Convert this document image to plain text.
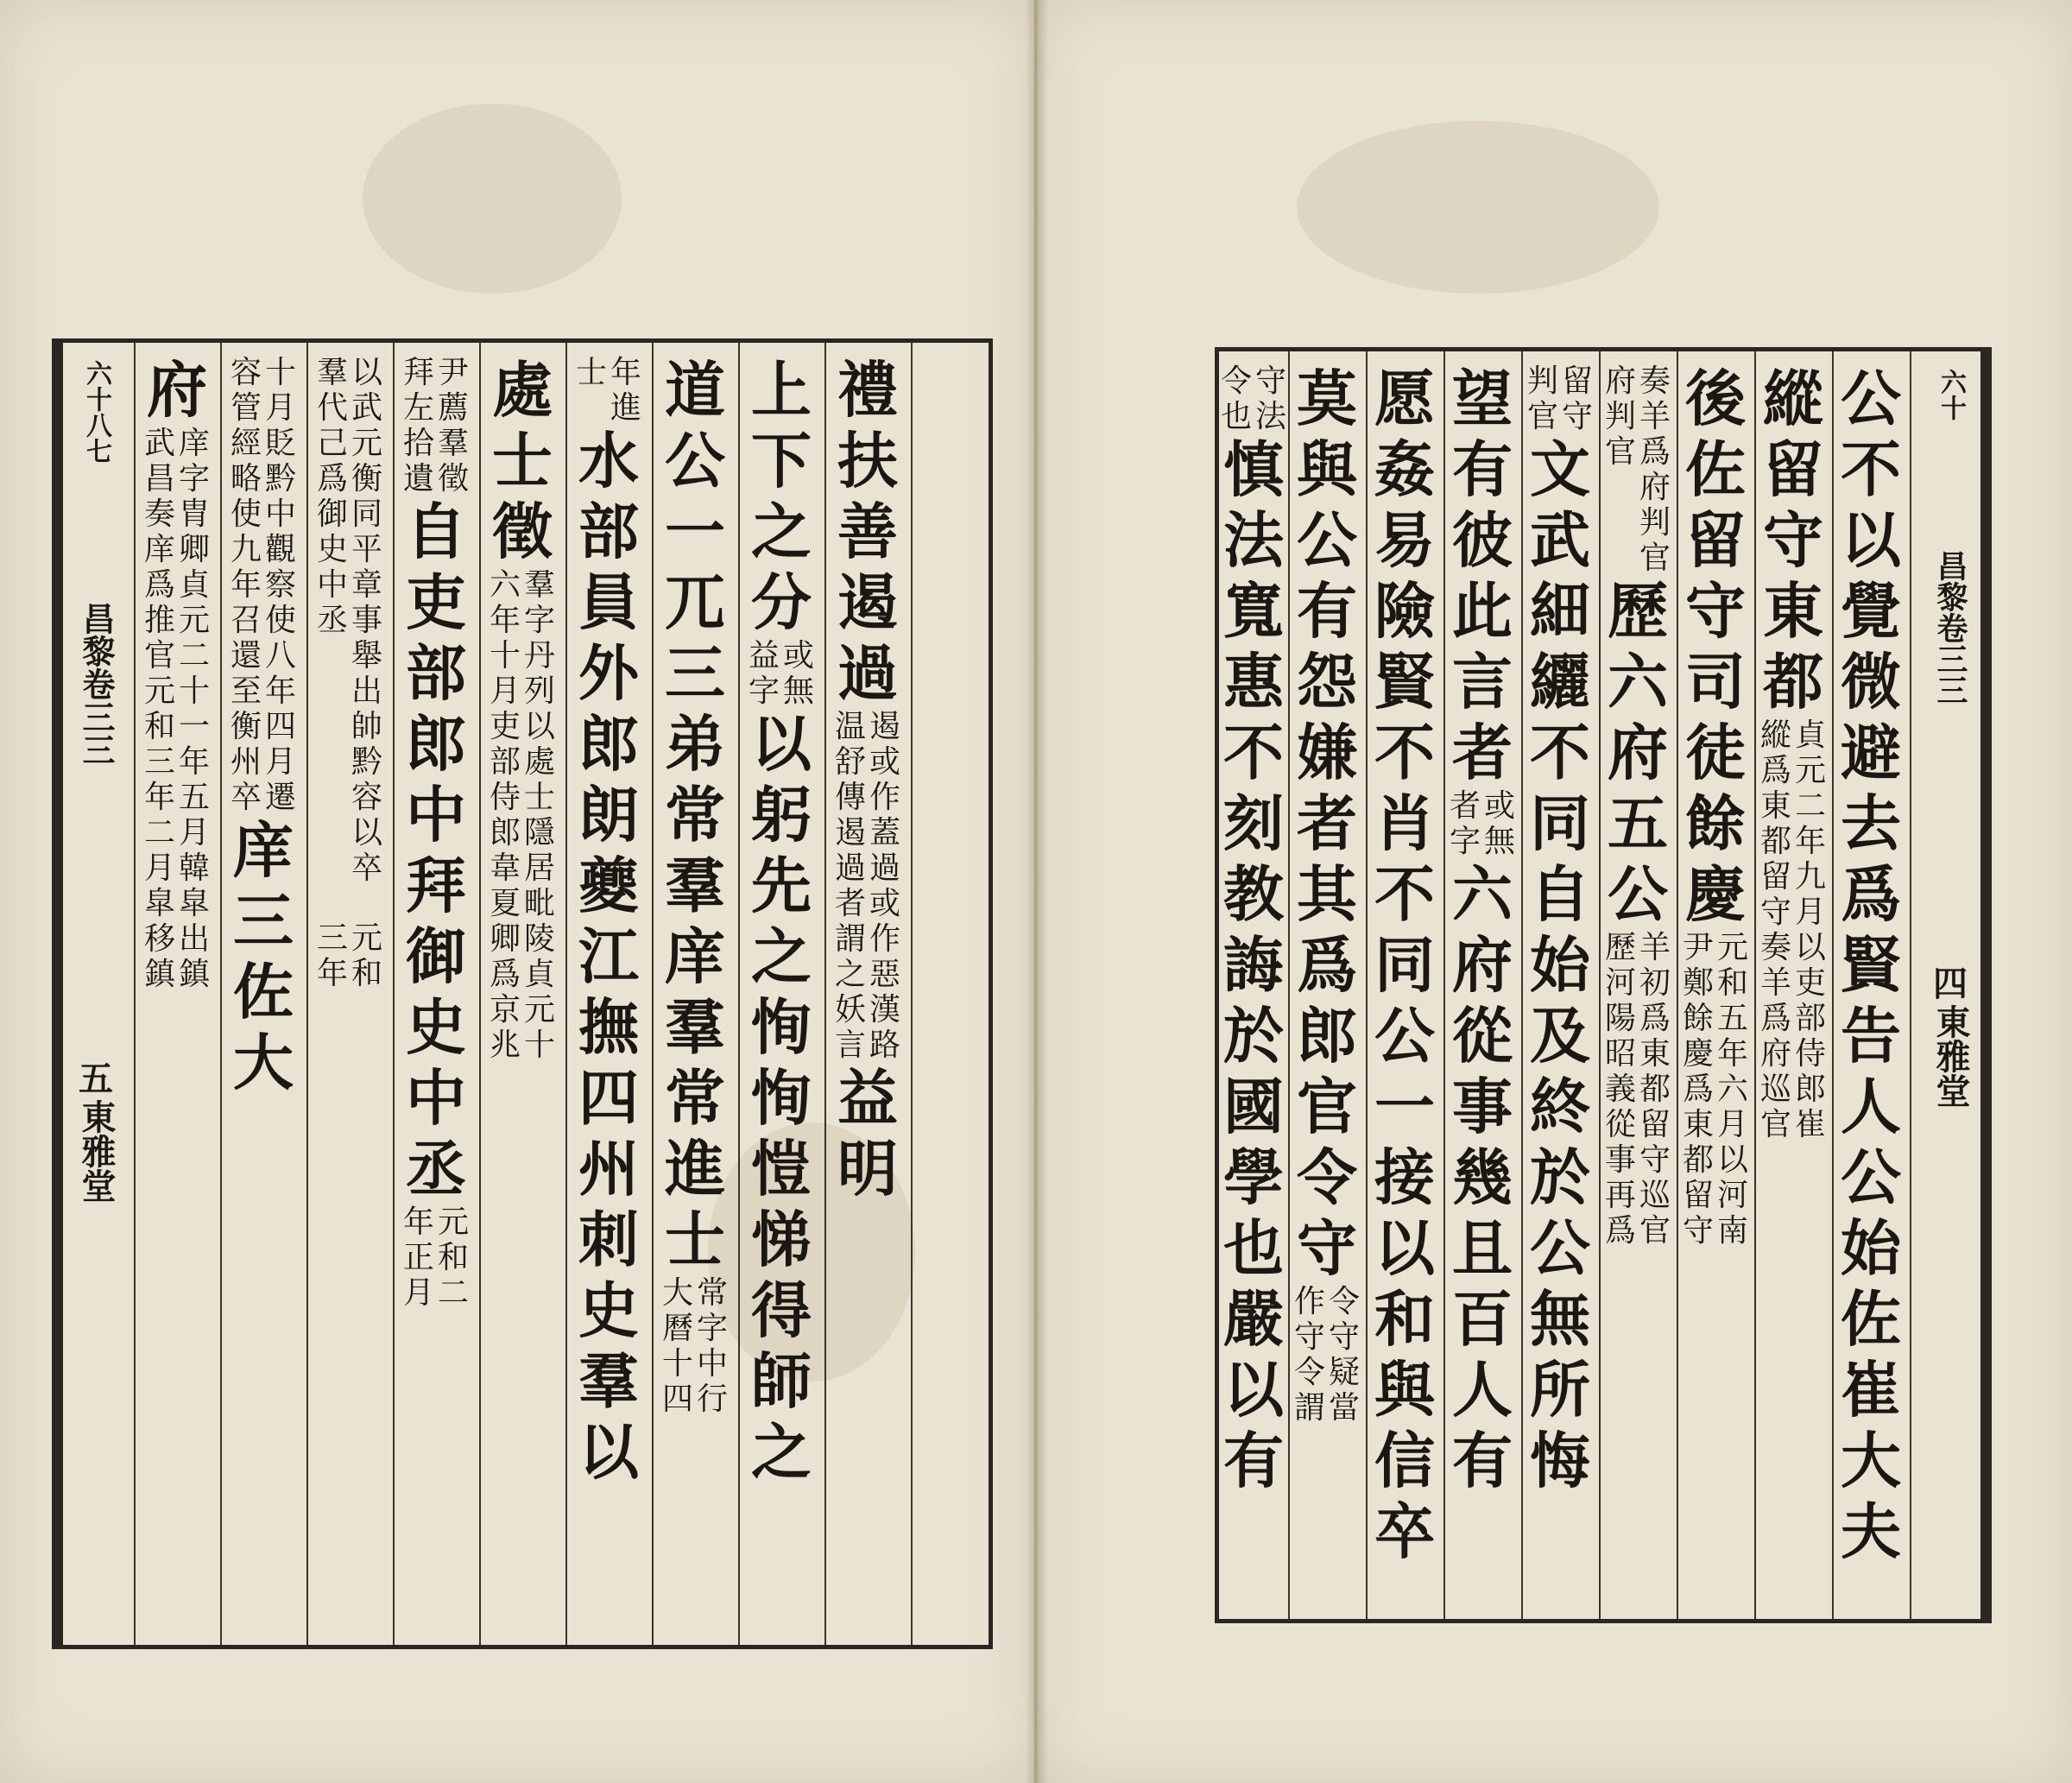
禮
扶
善
遏
過
遏
或
作
蓋
過
或
作
惡
漢
路
温
舒
傳
遏
過
者
謂
之
妖
言
益
明
上
下
之
分
或
無
益
字
以
躬
先
之
恂
恂
愷
悌
得
師
之
道
公
一
兀
三
弟
常
羣
庠
羣
常
進
士
常
字
中
行
大
曆
十
四
年
進
士
水
部
員
外
郎
朗
夔
江
撫
四
州
刺
史
羣
以
處
士
徵
羣
字
丹
列
以
處
士
隱
居
毗
陵
貞
元
十
六
年
十
月
吏
部
侍
郎
韋
夏
卿
爲
京
兆
尹
薦
羣
徵
拜
左
拾
遺
自
吏
部
郎
中
拜
御
史
中
丞
元
和
二
年
正
月
以
武
元
衡
同
平
章
事
舉
出
帥
黔
容
以
卒
羣
代
己
爲
御
史
中
丞
元
和
三
年
十
月
貶
黔
中
觀
察
使
八
年
四
月
遷
容
管
經
略
使
九
年
召
還
至
衡
州
卒
庠
三
佐
大
府
庠
字
胄
卿
貞
元
二
十
一
年
五
月
韓
皐
出
鎮
武
昌
奏
庠
爲
推
官
元
和
三
年
二
月
皐
移
鎮
六十八七
昌黎卷三三
五
東雅堂
六十
昌黎卷三三
四
東雅堂
公
不
以
覺
微
避
去
爲
賢
告
人
公
始
佐
崔
大
夫
縱
留
守
東
都
貞
元
二
年
九
月
以
吏
部
侍
郎
崔
縱
爲
東
都
留
守
奏
羊
爲
府
巡
官
後
佐
留
守
司
徒
餘
慶
元
和
五
年
六
月
以
河
南
尹
鄭
餘
慶
爲
東
都
留
守
奏
羊
爲
府
判
官
府
判
官
歷
六
府
五
公
羊
初
爲
東
都
留
守
巡
官
歷
河
陽
昭
義
從
事
再
爲
留
守
判
官
文
武
細
纚
不
同
自
始
及
終
於
公
無
所
悔
望
有
彼
此
言
者
或
無
者
字
六
府
從
事
幾
且
百
人
有
愿
姦
易
險
賢
不
肖
不
同
公
一
接
以
和
與
信
卒
莫
與
公
有
怨
嫌
者
其
爲
郎
官
令
守
令
守
疑
當
作
守
令
謂
守
法
令
也
慎
法
寬
惠
不
刻
教
誨
於
國
學
也
嚴
以
有
